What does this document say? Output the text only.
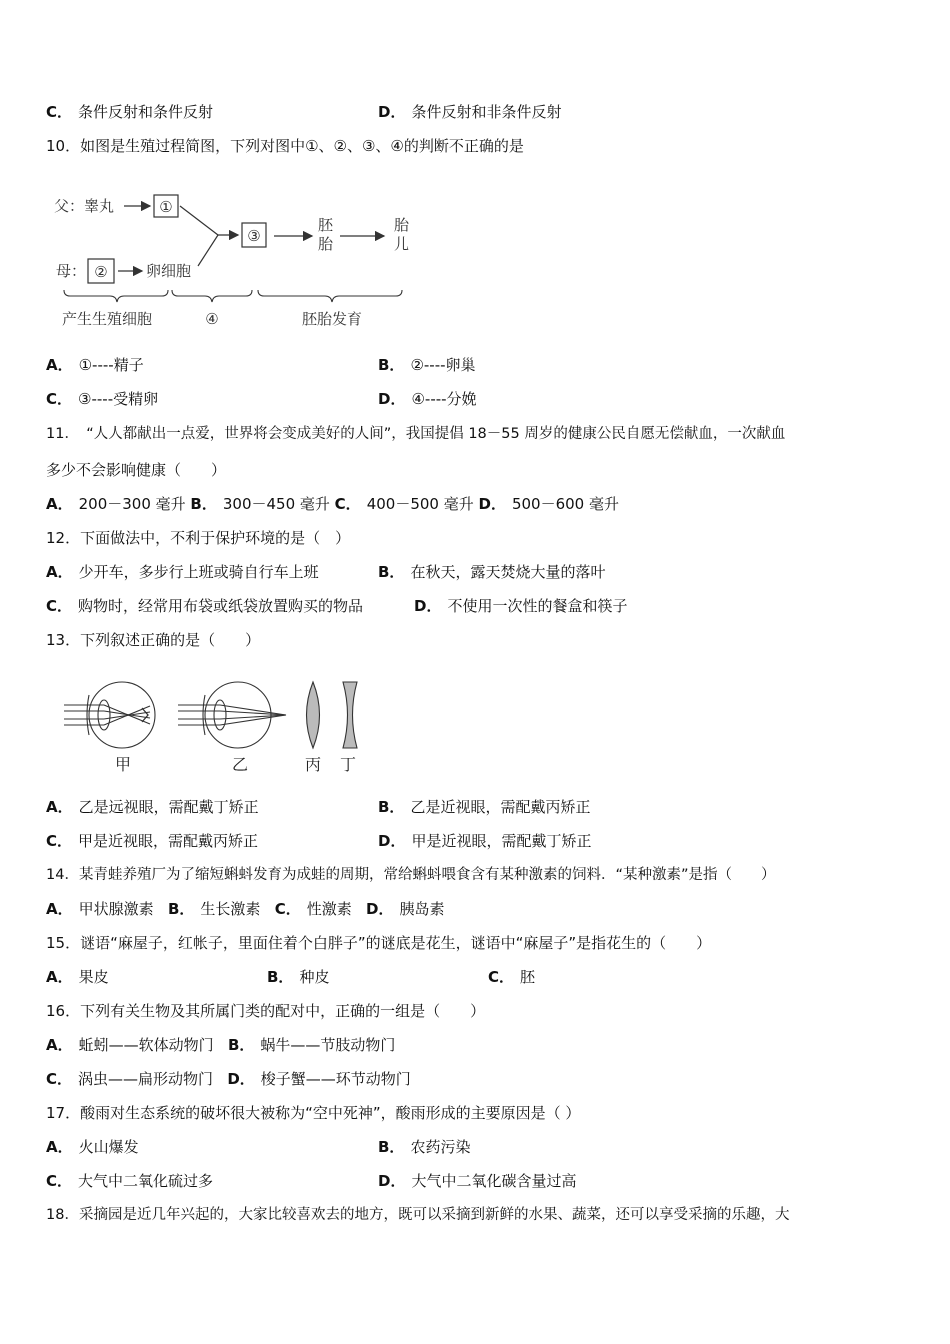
C． 条件反射和条件反射	D． 条件反射和非条件反射
10．如图是生殖过程简图，下列对图中①、②、③、④的判断不正确的是
父：睾丸	①
母： ②	卵细胞
③
胚
胎
胎
儿
产生生殖细胞	④	胚胎发育
A． ①----精子	B． ②----卵巢
C． ③----受精卵	D． ④----分娩
11．　“人人都献出一点爱，世界将会变成美好的人间”，我国提倡 18－55 周岁的健康公民自愿无偿献血，一次献血
多少不会影响健康（　　）
A． 200－300 毫升 B． 300－450 毫升 C． 400－500 毫升 D． 500－600 毫升
12．下面做法中，不利于保护环境的是（　）
A． 少开车，多步行上班或骑自行车上班	B． 在秋天，露天焚烧大量的落叶
C． 购物时，经常用布袋或纸袋放置购买的物品	D． 不使用一次性的餐盒和筷子
13．下列叙述正确的是（　　）
甲	乙	丙 丁
A． 乙是远视眼，需配戴丁矫正	B． 乙是近视眼，需配戴丙矫正
C． 甲是近视眼，需配戴丙矫正	D． 甲是近视眼，需配戴丁矫正
14．某青蛙养殖厂为了缩短蝌蚪发育为成蛙的周期，常给蝌蚪喂食含有某种激素的饲料．“某种激素”是指（　　）
A． 甲状腺激素 B． 生长激素 C． 性激素 D． 胰岛素
15．谜语“麻屋子，红帐子，里面住着个白胖子”的谜底是花生，谜语中“麻屋子”是指花生的（　　）
A． 果皮	B． 种皮	C． 胚
16．下列有关生物及其所属门类的配对中，正确的一组是（　　）
A． 蚯蚓——软体动物门 B． 蜗牛——节肢动物门
C． 涡虫——扁形动物门 D． 梭子蟹——环节动物门
17．酸雨对生态系统的破坏很大被称为“空中死神”，酸雨形成的主要原因是（ ）
A． 火山爆发	B． 农药污染
C． 大气中二氧化硫过多	D． 大气中二氧化碳含量过高
18．采摘园是近几年兴起的，大家比较喜欢去的地方，既可以采摘到新鲜的水果、蔬菜，还可以享受采摘的乐趣，大
